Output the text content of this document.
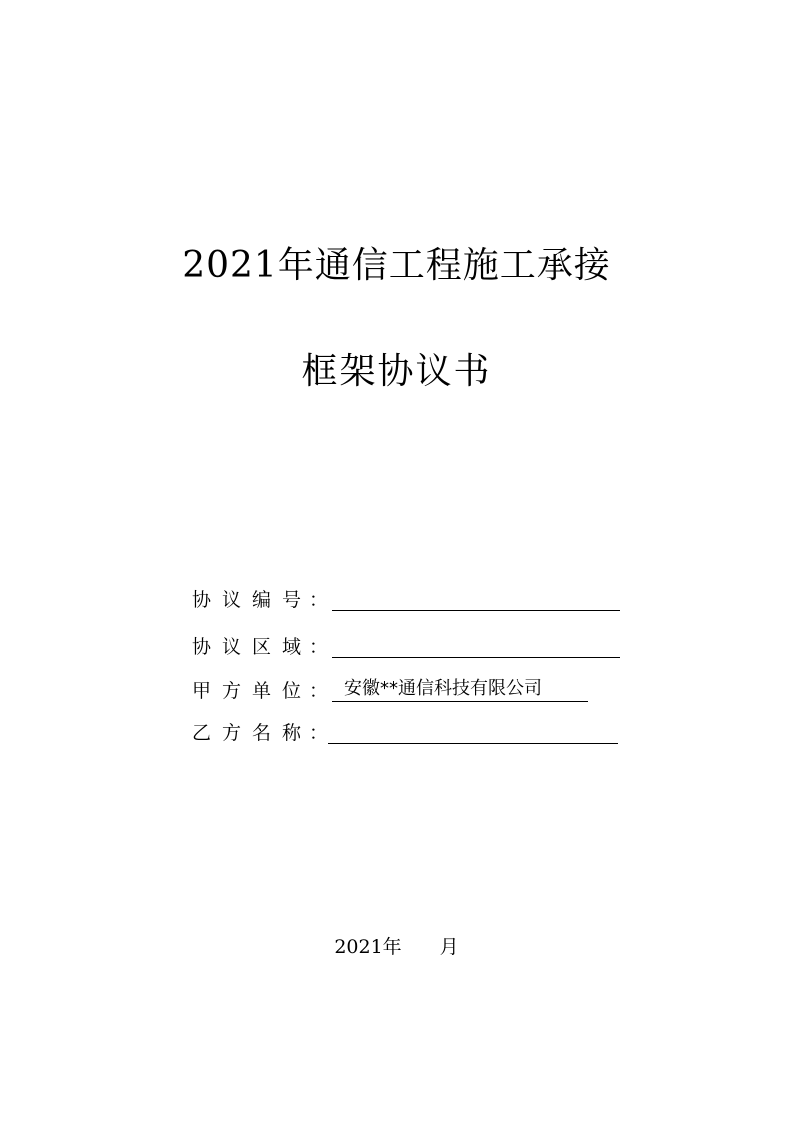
2021年通信工程施工承接
框架协议书
协议编号
：
协议区域
：
甲方单位
： 安徽**通信科技有限公司
乙方名称
：
2021年 月
